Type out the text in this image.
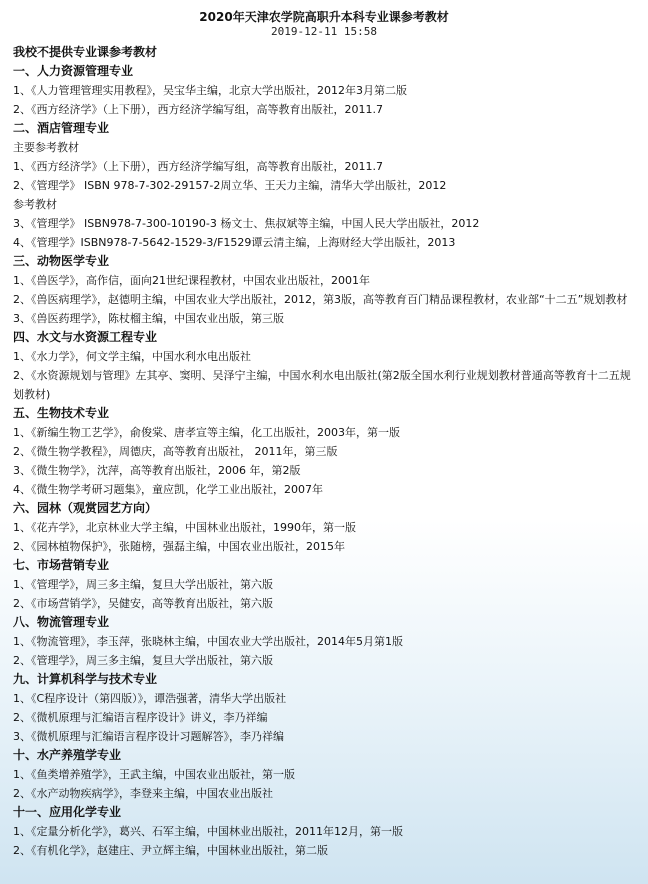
2020年天津农学院高职升本科专业课参考教材
2019-12-11 15:58
我校不提供专业课参考教材
一、人力资源管理专业
1、《人力管理管理实用教程》，吴宝华主编，北京大学出版社，2012年3月第二版
2、《西方经济学》（上下册），西方经济学编写组，高等教育出版社，2011.7
二、酒店管理专业
主要参考教材
1、《西方经济学》（上下册），西方经济学编写组，高等教育出版社，2011.7
2、《管理学》 ISBN 978-7-302-29157-2周立华、王天力主编，清华大学出版社，2012
参考教材
3、《管理学》 ISBN978-7-300-10190-3 杨文士、焦叔斌等主编，中国人民大学出版社，2012
4、《管理学》ISBN978-7-5642-1529-3/F1529谭云清主编，上海财经大学出版社，2013
三、动物医学专业
1、《兽医学》，高作信，面向21世纪课程教材，中国农业出版社，2001年
2、《兽医病理学》，赵德明主编，中国农业大学出版社，2012，第3版，高等教育百门精品课程教材，农业部“十二五”规划教材
3、《兽医药理学》，陈杖榴主编，中国农业出版，第三版
四、水文与水资源工程专业
1、《水力学》，何文学主编，中国水利水电出版社
2、《水资源规划与管理》左其亭、窦明、吴泽宁主编，中国水利水电出版社(第2版全国水利行业规划教材普通高等教育十二五规划教材)
五、生物技术专业
1、《新编生物工艺学》，俞俊棠、唐孝宣等主编，化工出版社，2003年，第一版
2、《微生物学教程》，周德庆，高等教育出版社， 2011年，第三版
3、《微生物学》，沈萍，高等教育出版社，2006 年，第2版
4、《微生物学考研习题集》，童应凯，化学工业出版社，2007年
六、园林（观赏园艺方向）
1、《花卉学》，北京林业大学主编，中国林业出版社，1990年，第一版
2、《园林植物保护》，张随榜，强磊主编，中国农业出版社，2015年
七、市场营销专业
1、《管理学》，周三多主编，复旦大学出版社，第六版
2、《市场营销学》，吴健安，高等教育出版社，第六版
八、物流管理专业
1、《物流管理》，李玉萍，张晓林主编，中国农业大学出版社，2014年5月第1版
2、《管理学》，周三多主编，复旦大学出版社，第六版
九、计算机科学与技术专业
1、《C程序设计（第四版）》，谭浩强著，清华大学出版社
2、《微机原理与汇编语言程序设计》讲义，李乃祥编
3、《微机原理与汇编语言程序设计习题解答》，李乃祥编
十、水产养殖学专业
1、《鱼类增养殖学》，王武主编，中国农业出版社，第一版
2、《水产动物疾病学》，李登来主编，中国农业出版社
十一、应用化学专业
1、《定量分析化学》，葛兴、石军主编，中国林业出版社，2011年12月，第一版
2、《有机化学》，赵建庄、尹立辉主编，中国林业出版社，第二版
